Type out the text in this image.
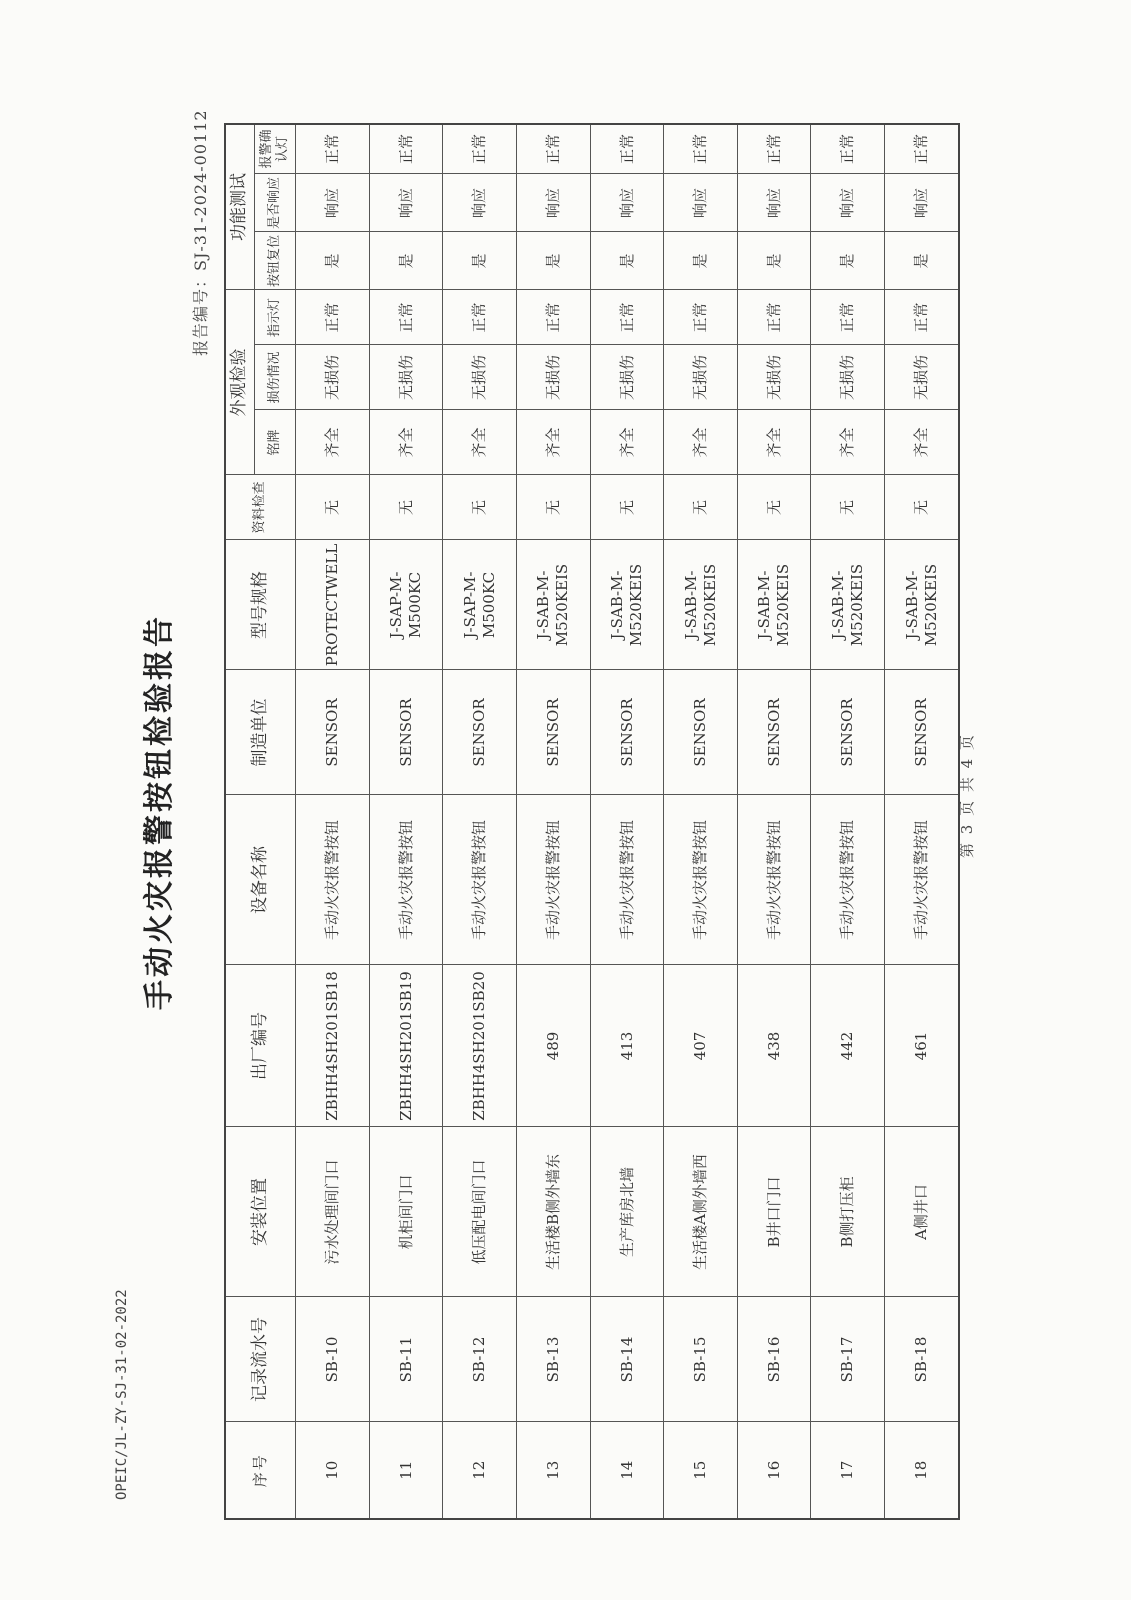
OPEIC/JL-ZY-SJ-31-02-2022
报告编号：SJ-31-2024-00112
手动火灾报警按钮检验报告	第 3 页 共 4 页
序号	记录流水号	安装位置	出厂编号	设备名称	制造单位	型号规格	资料检查	外观检验			功能测试	
								铭牌	损伤情况	指示灯	按钮复位	是否响应	报警确认灯	
10	SB-10	污水处理间门口	ZBHH4SH201SB18	手动火灾报警按钮	SENSOR	PROTECTWELL	无	齐全	无损伤	正常	是	响应	正常	
11	SB-11	机柜间门口	ZBHH4SH201SB19	手动火灾报警按钮	SENSOR	J-SAP-M-M500KC	无	齐全	无损伤	正常	是	响应	正常	
12	SB-12	低压配电间门口	ZBHH4SH201SB20	手动火灾报警按钮	SENSOR	J-SAP-M-M500KC	无	齐全	无损伤	正常	是	响应	正常	
13	SB-13	生活楼B侧外墙东	489	手动火灾报警按钮	SENSOR	J-SAB-M-M520KEIS	无	齐全	无损伤	正常	是	响应	正常	
14	SB-14	生产库房北墙	413	手动火灾报警按钮	SENSOR	J-SAB-M-M520KEIS	无	齐全	无损伤	正常	是	响应	正常	
15	SB-15	生活楼A侧外墙西	407	手动火灾报警按钮	SENSOR	J-SAB-M-M520KEIS	无	齐全	无损伤	正常	是	响应	正常	
16	SB-16	B井口门口	438	手动火灾报警按钮	SENSOR	J-SAB-M-M520KEIS	无	齐全	无损伤	正常	是	响应	正常	
17	SB-17	B侧打压柜	442	手动火灾报警按钮	SENSOR	J-SAB-M-M520KEIS	无	齐全	无损伤	正常	是	响应	正常	
18	SB-18	A侧井口	461	手动火灾报警按钮	SENSOR	J-SAB-M-M520KEIS	无	齐全	无损伤	正常	是	响应	正常	
